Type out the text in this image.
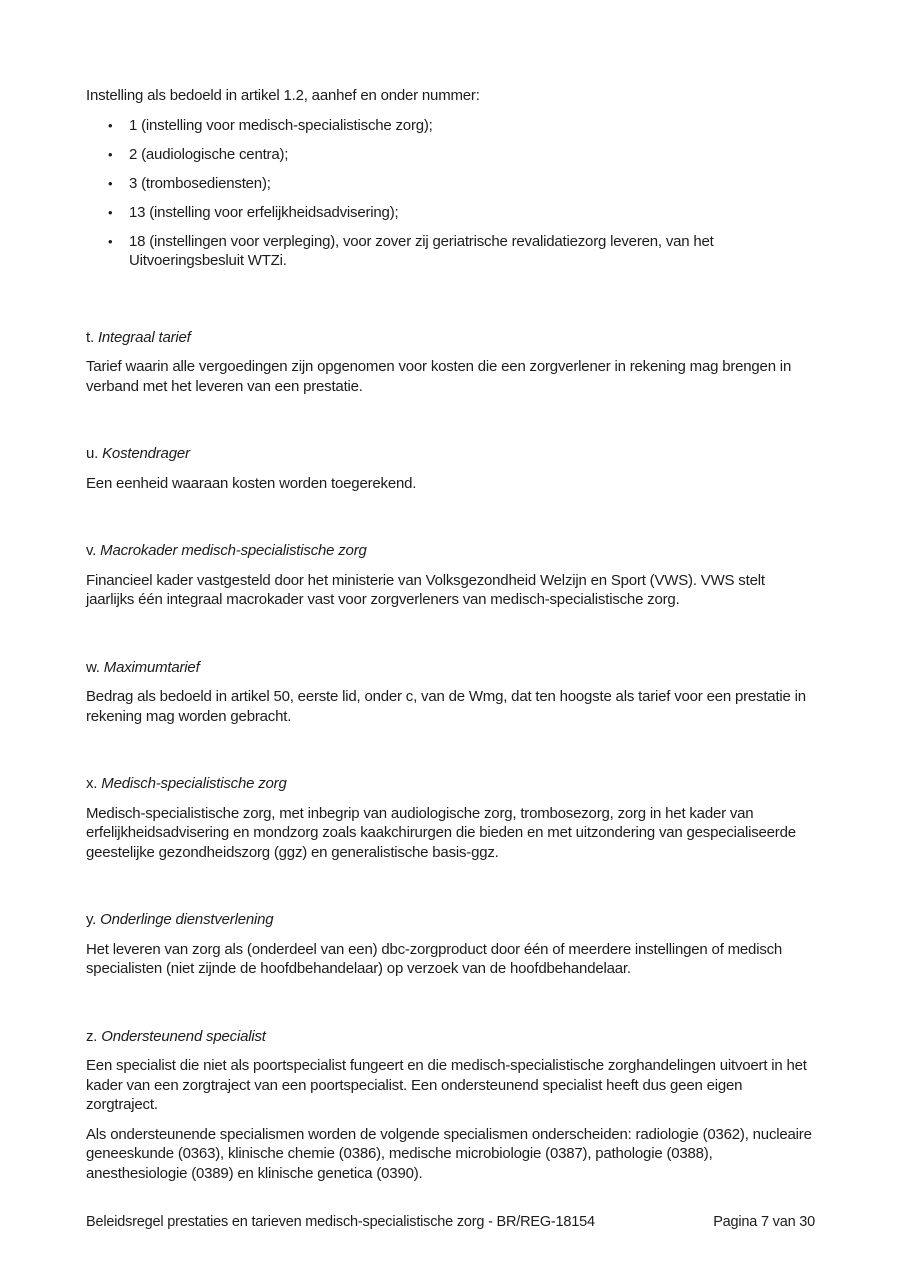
Instelling als bedoeld in artikel 1.2, aanhef en onder nummer:

•	1 (instelling voor medisch-specialistische zorg);
•	2 (audiologische centra);
•	3 (trombosediensten);
•	13 (instelling voor erfelijkheidsadvisering);
•	18 (instellingen voor verpleging), voor zover zij geriatrische revalidatiezorg leveren, van het Uitvoeringsbesluit WTZi.
t. Integraal tarief

Tarief waarin alle vergoedingen zijn opgenomen voor kosten die een zorgverlener in rekening mag brengen in verband met het leveren van een prestatie.

u. Kostendrager

Een eenheid waaraan kosten worden toegerekend.

v. Macrokader medisch-specialistische zorg

Financieel kader vastgesteld door het ministerie van Volksgezondheid Welzijn en Sport (VWS). VWS stelt jaarlijks één integraal macrokader vast voor zorgverleners van medisch-specialistische zorg.

w. Maximumtarief

Bedrag als bedoeld in artikel 50, eerste lid, onder c, van de Wmg, dat ten hoogste als tarief voor een prestatie in rekening mag worden gebracht.

x. Medisch-specialistische zorg

Medisch-specialistische zorg, met inbegrip van audiologische zorg, trombosezorg, zorg in het kader van erfelijkheidsadvisering en mondzorg zoals kaakchirurgen die bieden en met uitzondering van gespecialiseerde geestelijke gezondheidszorg (ggz) en generalistische basis-ggz.

y. Onderlinge dienstverlening

Het leveren van zorg als (onderdeel van een) dbc-zorgproduct door één of meerdere instellingen of medisch specialisten (niet zijnde de hoofdbehandelaar) op verzoek van de hoofdbehandelaar.

z. Ondersteunend specialist

Een specialist die niet als poortspecialist fungeert en die medisch-specialistische zorghandelingen uitvoert in het kader van een zorgtraject van een poortspecialist. Een ondersteunend specialist heeft dus geen eigen zorgtraject.

Als ondersteunende specialismen worden de volgende specialismen onderscheiden: radiologie (0362), nucleaire geneeskunde (0363), klinische chemie (0386), medische microbiologie (0387), pathologie (0388), anesthesiologie (0389) en klinische genetica (0390).

Beleidsregel prestaties en tarieven medisch-specialistische zorg - BR/REG-18154	Pagina 7 van 30
